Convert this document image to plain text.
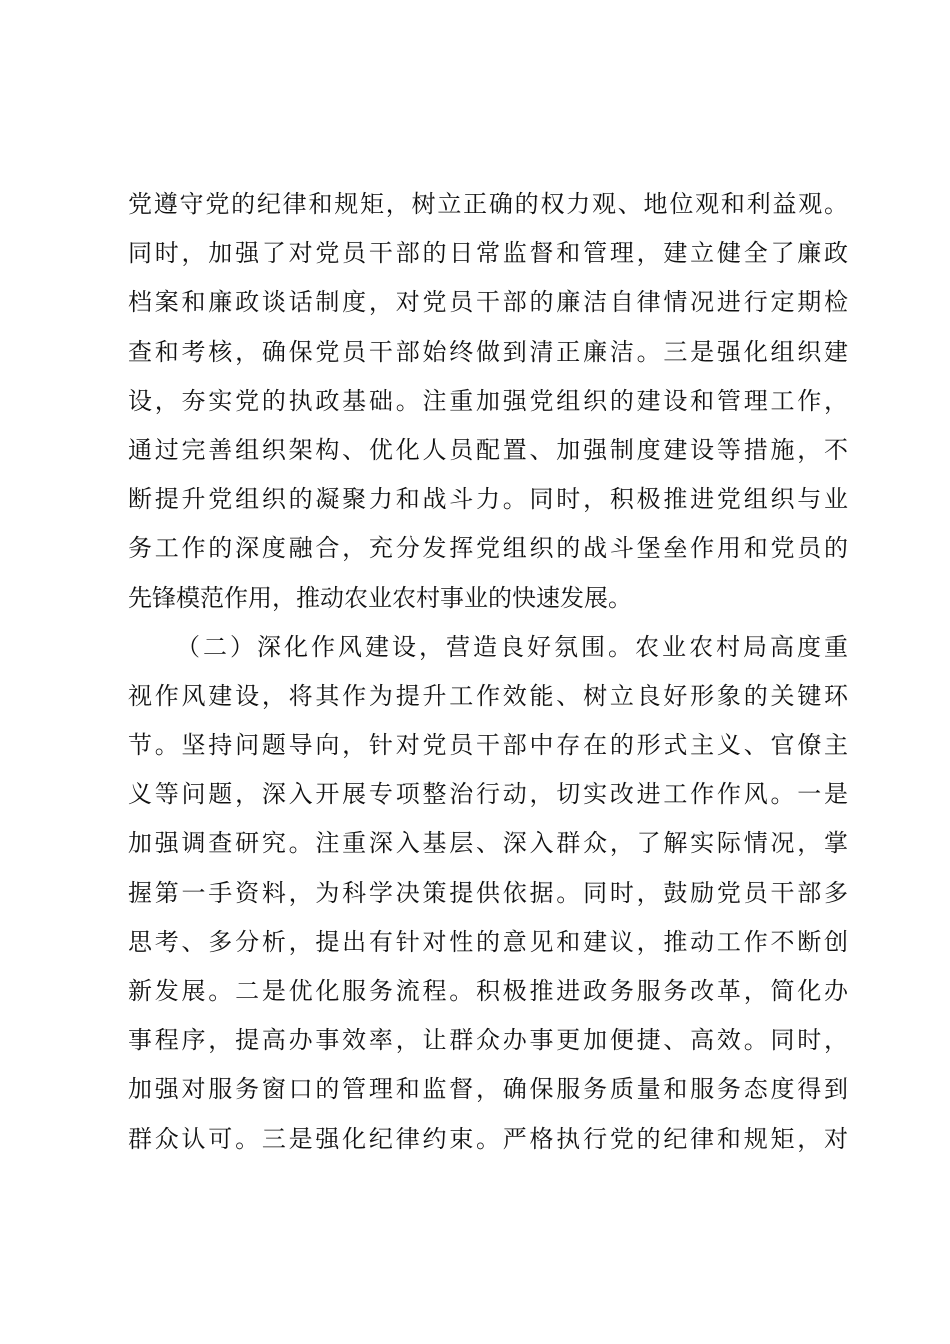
党遵守党的纪律和规矩，树立正确的权力观、地位观和利益观。
同时，加强了对党员干部的日常监督和管理，建立健全了廉政
档案和廉政谈话制度，对党员干部的廉洁自律情况进行定期检
查和考核，确保党员干部始终做到清正廉洁。三是强化组织建
设，夯实党的执政基础。注重加强党组织的建设和管理工作，
通过完善组织架构、优化人员配置、加强制度建设等措施，不
断提升党组织的凝聚力和战斗力。同时，积极推进党组织与业
务工作的深度融合，充分发挥党组织的战斗堡垒作用和党员的
先锋模范作用，推动农业农村事业的快速发展。
（二）深化作风建设，营造良好氛围。农业农村局高度重
视作风建设，将其作为提升工作效能、树立良好形象的关键环
节。坚持问题导向，针对党员干部中存在的形式主义、官僚主
义等问题，深入开展专项整治行动，切实改进工作作风。一是
加强调查研究。注重深入基层、深入群众，了解实际情况，掌
握第一手资料，为科学决策提供依据。同时，鼓励党员干部多
思考、多分析，提出有针对性的意见和建议，推动工作不断创
新发展。二是优化服务流程。积极推进政务服务改革，简化办
事程序，提高办事效率，让群众办事更加便捷、高效。同时，
加强对服务窗口的管理和监督，确保服务质量和服务态度得到
群众认可。三是强化纪律约束。严格执行党的纪律和规矩，对
